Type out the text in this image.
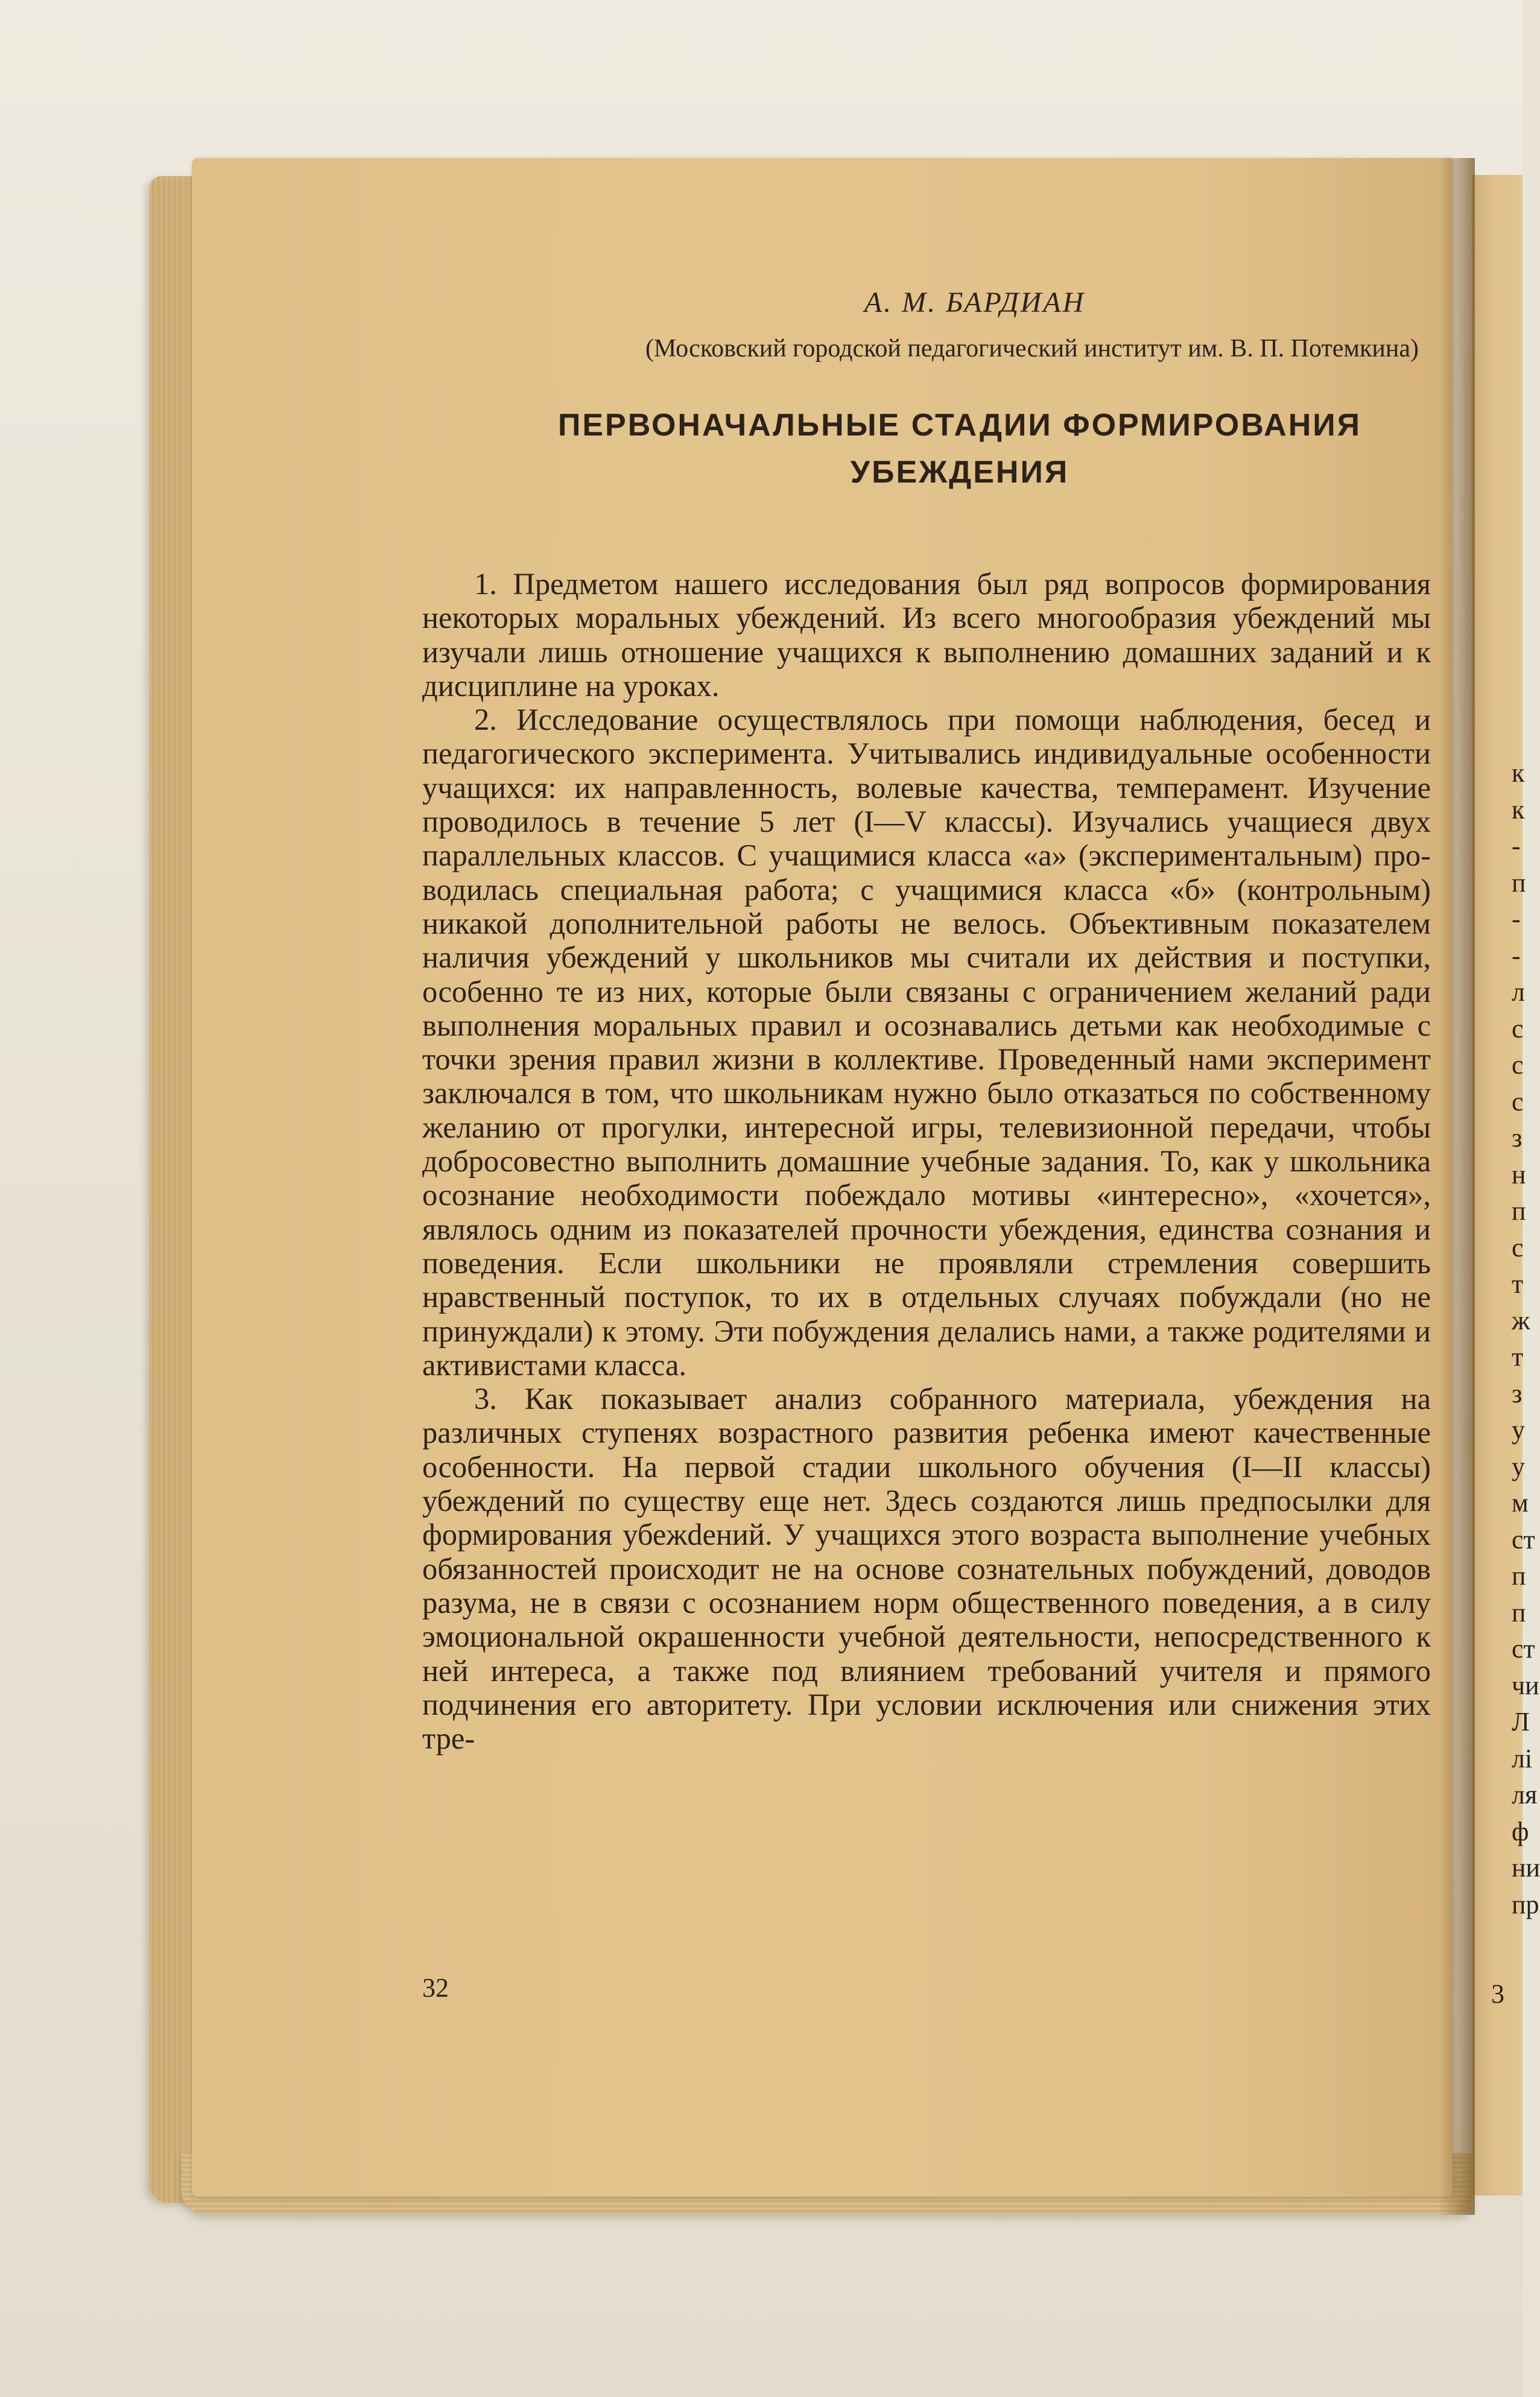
А. М. БАРДИАН
(Московский городской педагогический институт им. В. П. Потемкина)
ПЕРВОНАЧАЛЬНЫЕ СТАДИИ ФОРМИРОВАНИЯ УБЕЖДЕНИЯ

1. Предметом нашего исследования был ряд вопросов формирования некоторых моральных убеждений. Из всего многообразия убеждений мы изучали лишь отношение учащихся к выполнению домашних заданий и к дисциплине на уроках.

2. Исследование осуществлялось при помощи наблюдения, бесед и педагогического эксперимента. Учитывались индивидуальные особенности учащихся: их направленность, волевые качества, темперамент. Изучение проводилось в течение 5 лет (I—V классы). Изучались учащиеся двух параллельных классов. С учащимися класса «а» (экспериментальным) проводилась специальная работа; с учащимися класса «б» (контрольным) никакой дополнительной работы не велось. Объективным показателем наличия убеждений у школьников мы считали их действия и поступки, особенно те из них, которые были связаны с ограничением желаний ради выполнения моральных правил и осознавались детьми как необходимые с точки зрения правил жизни в коллективе. Проведенный нами эксперимент заключался в том, что школьникам нужно было отказаться по собственному желанию от прогулки, интересной игры, телевизионной передачи, чтобы добросовестно выполнить домашние учебные задания. То, как у школьника осознание необходимости побеждало мотивы «интересно», «хочется», являлось одним из показателей прочности убеждения, единства сознания и поведения. Если школьники не проявляли стремления совершить нравственный поступок, то их в отдельных случаях побуждали (но не принуждали) к этому. Эти побуждения делались нами, а также родителями и активистами класса.

3. Как показывает анализ собранного материала, убеждения на различных ступенях возрастного развития ребенка имеют качественные особенности. На первой стадии школьного обучения (I—II классы) убеждений по существу еще нет. Здесь создаются лишь предпосылки для формирования убежdений. У учащихся этого возраста выполнение учебных обязанностей происходит не на основе сознательных побуждений, доводов разума, не в связи с осознанием норм общественного поведения, а в силу эмоциональной окрашенности учебной деятельности, непосредственного к ней интереса, а также под влиянием требований учителя и прямого подчинения его авторитету. При условии исключения или снижения этих тре-

32	3
к
к
-
п
-
-
л
с
с
с
з
н
п
с
т
ж
т
з
у
у
м
ст
п
п
ст
чи
Л
лі
ля
ф
ни
пр
